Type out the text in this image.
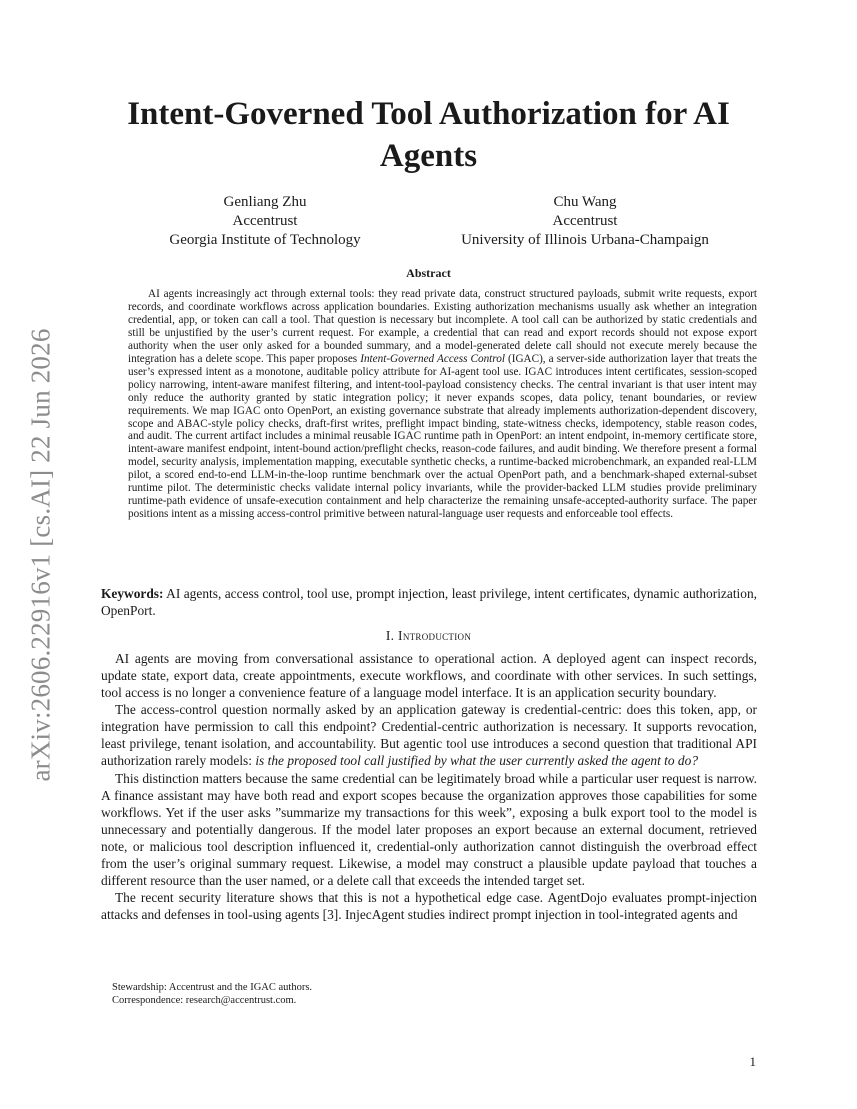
arXiv:2606.22916v1 [cs.AI] 22 Jun 2026
Intent-Governed Tool Authorization for AI Agents
Genliang Zhu
Accentrust
Georgia Institute of Technology
Chu Wang
Accentrust
University of Illinois Urbana-Champaign
Abstract

AI agents increasingly act through external tools: they read private data, construct structured payloads, submit write requests, export records, and coordinate workflows across application boundaries. Existing authorization mechanisms usually ask whether an integration credential, app, or token can call a tool. That question is necessary but incomplete. A tool call can be authorized by static credentials and still be unjustified by the user’s current request. For example, a credential that can read and export records should not expose export authority when the user only asked for a bounded summary, and a model-generated delete call should not execute merely because the integration has a delete scope. This paper proposes Intent-Governed Access Control (IGAC), a server-side authorization layer that treats the user’s expressed intent as a monotone, auditable policy attribute for AI-agent tool use. IGAC introduces intent certificates, session-scoped policy narrowing, intent-aware manifest filtering, and intent-tool-payload consistency checks. The central invariant is that user intent may only reduce the authority granted by static integration policy; it never expands scopes, data policy, tenant boundaries, or review requirements. We map IGAC onto OpenPort, an existing governance substrate that already implements authorization-dependent discovery, scope and ABAC-style policy checks, draft-first writes, preflight impact binding, state-witness checks, idempotency, stable reason codes, and audit. The current artifact includes a minimal reusable IGAC runtime path in OpenPort: an intent endpoint, in-memory certificate store, intent-aware manifest endpoint, intent-bound action/preflight checks, reason-code failures, and audit binding. We therefore present a formal model, security analysis, implementation mapping, executable synthetic checks, a runtime-backed microbenchmark, an expanded real-LLM pilot, a scored end-to-end LLM-in-the-loop runtime benchmark over the actual OpenPort path, and a benchmark-shaped external-subset runtime pilot. The deterministic checks validate internal policy invariants, while the provider-backed LLM studies provide preliminary runtime-path evidence of unsafe-execution containment and help characterize the remaining unsafe-accepted-authority surface. The paper positions intent as a missing access-control primitive between natural-language user requests and enforceable tool effects.

Keywords: AI agents, access control, tool use, prompt injection, least privilege, intent certificates, dynamic authorization, OpenPort.

I. Introduction

AI agents are moving from conversational assistance to operational action. A deployed agent can inspect records, update state, export data, create appointments, execute workflows, and coordinate with other services. In such settings, tool access is no longer a convenience feature of a language model interface. It is an application security boundary.

The access-control question normally asked by an application gateway is credential-centric: does this token, app, or integration have permission to call this endpoint? Credential-centric authorization is necessary. It supports revocation, least privilege, tenant isolation, and accountability. But agentic tool use introduces a second question that traditional API authorization rarely models: is the proposed tool call justified by what the user currently asked the agent to do?

This distinction matters because the same credential can be legitimately broad while a particular user request is narrow. A finance assistant may have both read and export scopes because the organization approves those capabilities for some workflows. Yet if the user asks ”summarize my transactions for this week”, exposing a bulk export tool to the model is unnecessary and potentially dangerous. If the model later proposes an export because an external document, retrieved note, or malicious tool description influenced it, credential-only authorization cannot distinguish the overbroad effect from the user’s original summary request. Likewise, a model may construct a plausible update payload that touches a different resource than the user named, or a delete call that exceeds the intended target set.

The recent security literature shows that this is not a hypothetical edge case. AgentDojo evaluates prompt-injection attacks and defenses in tool-using agents [3]. InjecAgent studies indirect prompt injection in tool-integrated agents and

Stewardship: Accentrust and the IGAC authors.
Correspondence: research@accentrust.com.
1
